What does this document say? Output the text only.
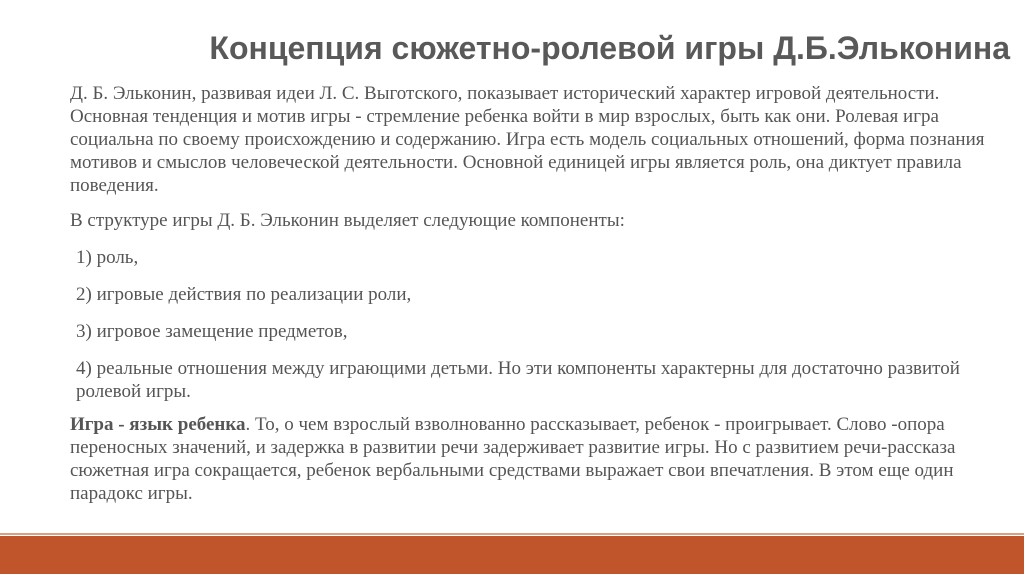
Концепция сюжетно-ролевой игры Д.Б.Эльконина

Д. Б. Эльконин, развивая идеи Л. С. Выготского, показывает исторический характер игровой деятельности. Основная тенденция и мотив игры - стремление ребенка войти в мир взрослых, быть как они. Ролевая игра социальна по своему происхождению и содержанию. Игра есть модель социальных отношений, форма познания мотивов и смыслов человеческой деятельности. Основной единицей игры является роль, она диктует правила поведения.

В структуре игры Д. Б. Эльконин выделяет следующие компоненты:

1) роль,
2) игровые действия по реализации роли,
3) игровое замещение предметов,
4) реальные отношения между играющими детьми. Но эти компоненты характерны для достаточно развитой ролевой игры.

Игра - язык ребенка. То, о чем взрослый взволнованно рассказывает, ребенок - проигрывает. Слово -опора переносных значений, и задержка в развитии речи задерживает развитие игры. Но с развитием речи-рассказа сюжетная игра сокращается, ребенок вербальными средствами выражает свои впечатления. В этом еще один парадокс игры.
